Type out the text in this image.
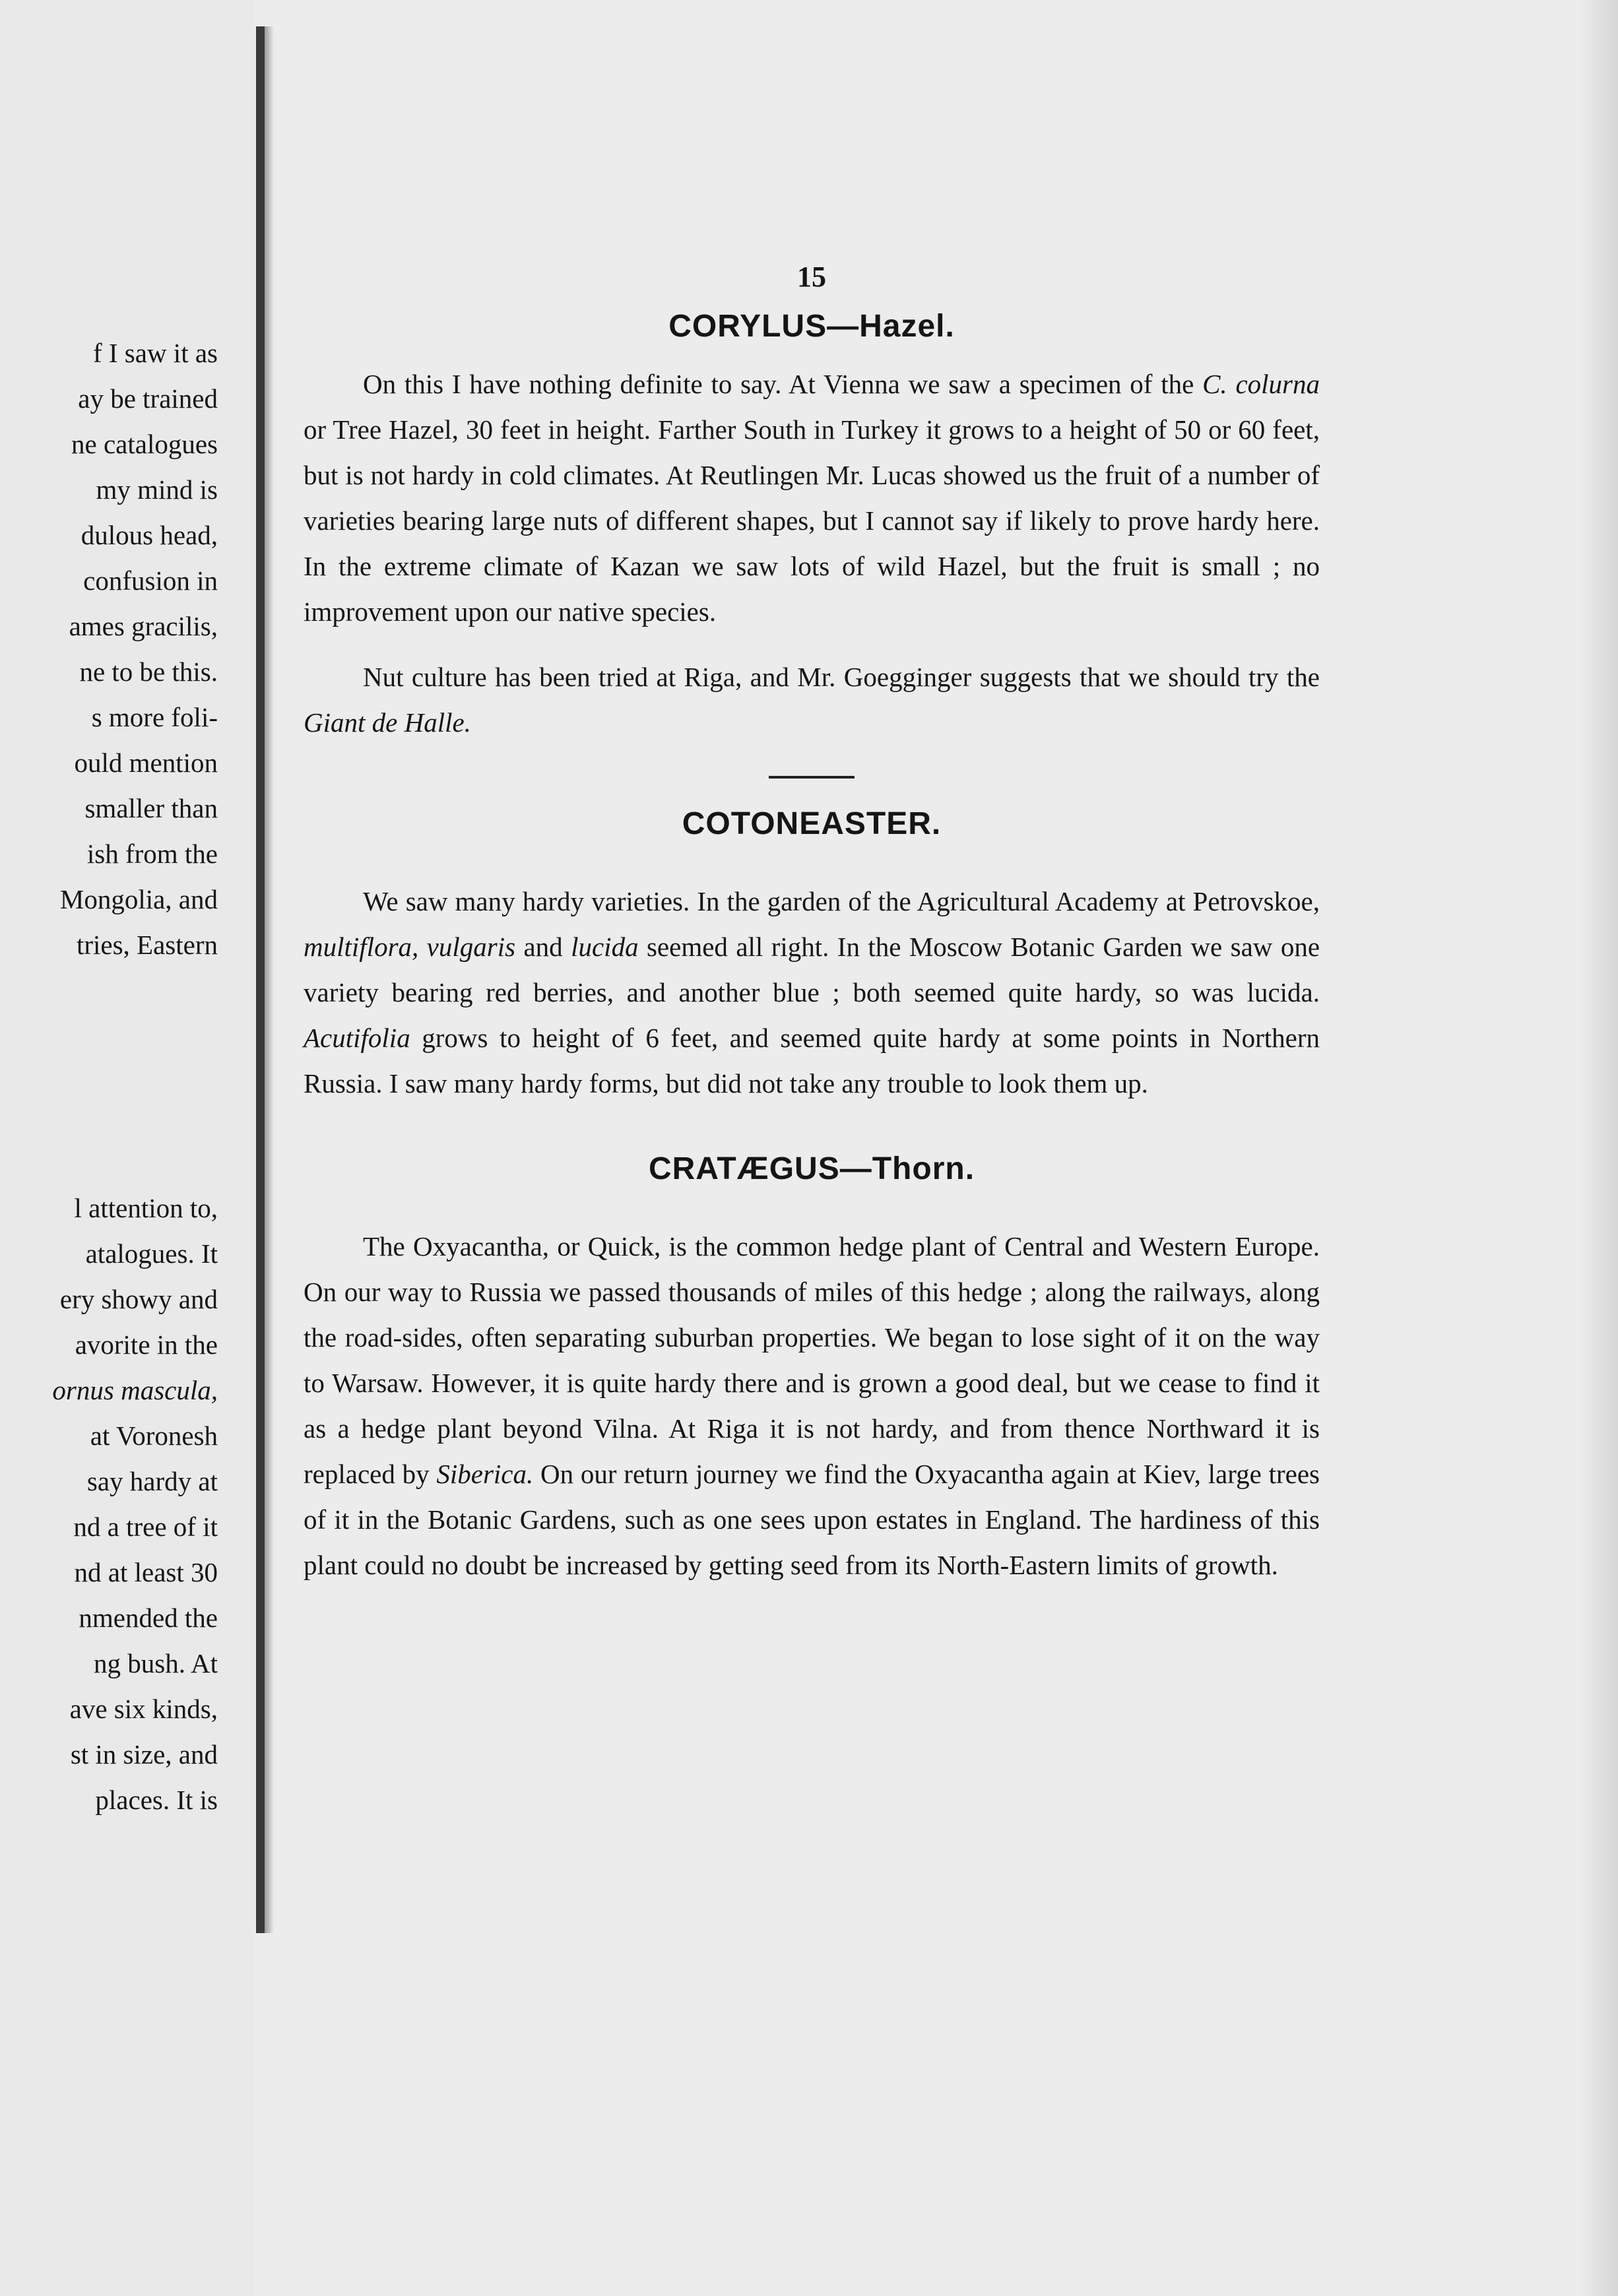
f I saw it as
ay be trained
ne catalogues
my mind is
dulous head,
confusion in
ames gracilis,
ne to be this.
s more foli-
ould mention
smaller than
ish from the
Mongolia, and
tries, Eastern
l attention to,
atalogues. It
ery showy and
avorite in the
ornus mascula,
at Voronesh
say hardy at
nd a tree of it
nd at least 30
nmended the
ng bush. At
ave six kinds,
st in size, and
places. It is
15
CORYLUS—Hazel.

On this I have nothing definite to say. At Vienna we saw a specimen of the C. colurna or Tree Hazel, 30 feet in height. Farther South in Turkey it grows to a height of 50 or 60 feet, but is not hardy in cold climates. At Reutlingen Mr. Lucas showed us the fruit of a number of varieties bearing large nuts of different shapes, but I cannot say if likely to prove hardy here. In the extreme climate of Kazan we saw lots of wild Hazel, but the fruit is small ; no improvement upon our native species.

Nut culture has been tried at Riga, and Mr. Goegginger suggests that we should try the Giant de Halle.

COTONEASTER.

We saw many hardy varieties. In the garden of the Agricultural Academy at Petrovskoe, multiflora, vulgaris and lucida seemed all right. In the Moscow Botanic Garden we saw one variety bearing red berries, and another blue ; both seemed quite hardy, so was lucida. Acutifolia grows to height of 6 feet, and seemed quite hardy at some points in Northern Russia. I saw many hardy forms, but did not take any trouble to look them up.

CRATÆGUS—Thorn.

The Oxyacantha, or Quick, is the common hedge plant of Central and Western Europe. On our way to Russia we passed thousands of miles of this hedge ; along the railways, along the road-sides, often separating suburban properties. We began to lose sight of it on the way to Warsaw. However, it is quite hardy there and is grown a good deal, but we cease to find it as a hedge plant beyond Vilna. At Riga it is not hardy, and from thence Northward it is replaced by Siberica. On our return journey we find the Oxyacantha again at Kiev, large trees of it in the Botanic Gardens, such as one sees upon estates in England. The hardiness of this plant could no doubt be increased by getting seed from its North-Eastern limits of growth.
